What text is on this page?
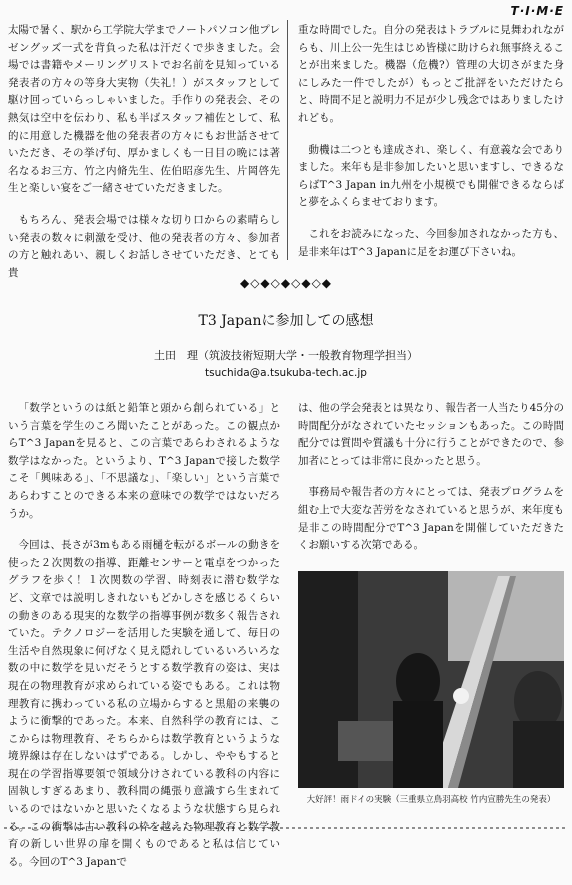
T·I·M·E

太陽で暑く、駅から工学院大学までノートパソコン他プレゼングッズ一式を背負った私は汗だくで歩きました。会場では書籍やメーリングリストでお名前を見知っている発表者の方々の等身大実物（失礼！）がスタッフとして駆け回っていらっしゃいました。手作りの発表会、その熱気は空中を伝わり、私も半ばスタッフ補佐として、私的に用意した機器を他の発表者の方々にもお世話させていただき、その挙げ句、厚かましくも一日目の晩には著名なるお三方、竹之内脩先生、佐伯昭彦先生、片岡啓先生と楽しい宴をご一緒させていただきました。

もちろん、発表会場では様々な切り口からの素晴らしい発表の数々に刺激を受け、他の発表者の方々、参加者の方と触れあい、親しくお話しさせていただき、とても貴

重な時間でした。自分の発表はトラブルに見舞われながらも、川上公一先生はじめ皆様に助けられ無事終えることが出来ました。機器（危機?）管理の大切さがまた身にしみた一件でしたが）もっとご批評をいただけたらと、時間不足と説明力不足が少し残念ではありましたけれども。

動機は二つとも達成され、楽しく、有意義な会でありました。来年も是非参加したいと思いますし、できるならばT^3 Japan in九州を小規模でも開催できるならばと夢をふくらませております。

これをお読みになった、今回参加されなかった方も、是非来年はT^3 Japanに足をお運び下さいね。

◆◇◆◇◆◇◆◇◆
T3 Japanに参加しての感想
土田　理（筑波技術短期大学・一般教育物理学担当）
tsuchida@a.tsukuba-tech.ac.jp

「数学というのは紙と鉛筆と頭から創られている」という言葉を学生のころ聞いたことがあった。この観点からT^3 Japanを見ると、この言葉であらわされるような数学はなかった。というより、T^3 Japanで接した数学こそ「興味ある」、「不思議な」、「楽しい」という言葉であらわすことのできる本来の意味での数学ではないだろうか。

今回は、長さが3mもある雨樋を転がるボールの動きを使った２次関数の指導、距離センサーと電卓をつかったグラフを歩く！１次関数の学習、時刻表に潜む数学など、文章では説明しきれないもどかしさを感じるくらいの動きのある現実的な数学の指導事例が数多く報告されていた。テクノロジーを活用した実験を通して、毎日の生活や自然現象に何げなく見え隠れしているいろいろな数の中に数学を見いだそうとする数学教育の姿は、実は現在の物理教育が求められている姿でもある。これは物理教育に携わっている私の立場からすると黒船の来襲のように衝撃的であった。本来、自然科学の教育には、ここからは物理教育、そちらからは数学教育というような境界線は存在しないはずである。しかし、ややもすると現在の学習指導要領で領域分けされている教科の内容に固執しすぎるあまり、教科間の縄張り意識すら生まれているのではないかと思いたくなるような状態すら見られる。この衝撃は古い教科の枠を越えた物理教育と数学教育の新しい世界の扉を開くものであると私は信じている。今回のT^3 Japanで

は、他の学会発表とは異なり、報告者一人当たり45分の時間配分がなされていたセッションもあった。この時間配分では質問や質議も十分に行うことができたので、参加者にとっては非常に良かったと思う。

事務局や報告者の方々にとっては、発表プログラムを組む上で大変な苦労をなされていると思うが、来年度も是非この時間配分でT^3 Japanを開催していただきたくお願いする次第である。

大好評！雨ドイの実験（三重県立鳥羽高校 竹内宣勝先生の発表）
